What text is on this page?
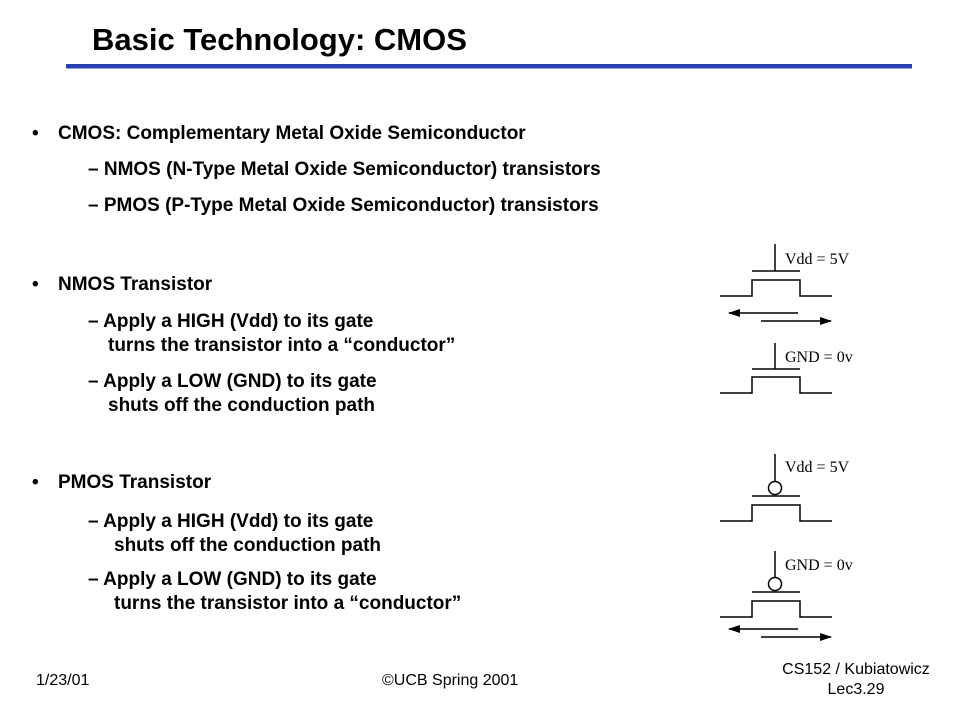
Basic Technology: CMOS
• CMOS: Complementary Metal Oxide Semiconductor
– NMOS (N-Type Metal Oxide Semiconductor) transistors
– PMOS (P-Type Metal Oxide Semiconductor) transistors
• NMOS Transistor
– Apply a HIGH (Vdd) to its gate
turns the transistor into a “conductor”
– Apply a LOW (GND) to its gate
shuts off the conduction path
• PMOS Transistor
– Apply a HIGH (Vdd) to its gate
shuts off the conduction path
– Apply a LOW (GND) to its gate
turns the transistor into a “conductor”
Vdd = 5V
GND = 0v
Vdd = 5V
GND = 0v
1/23/01	©UCB Spring 2001
CS152 / Kubiatowicz
Lec3.29
